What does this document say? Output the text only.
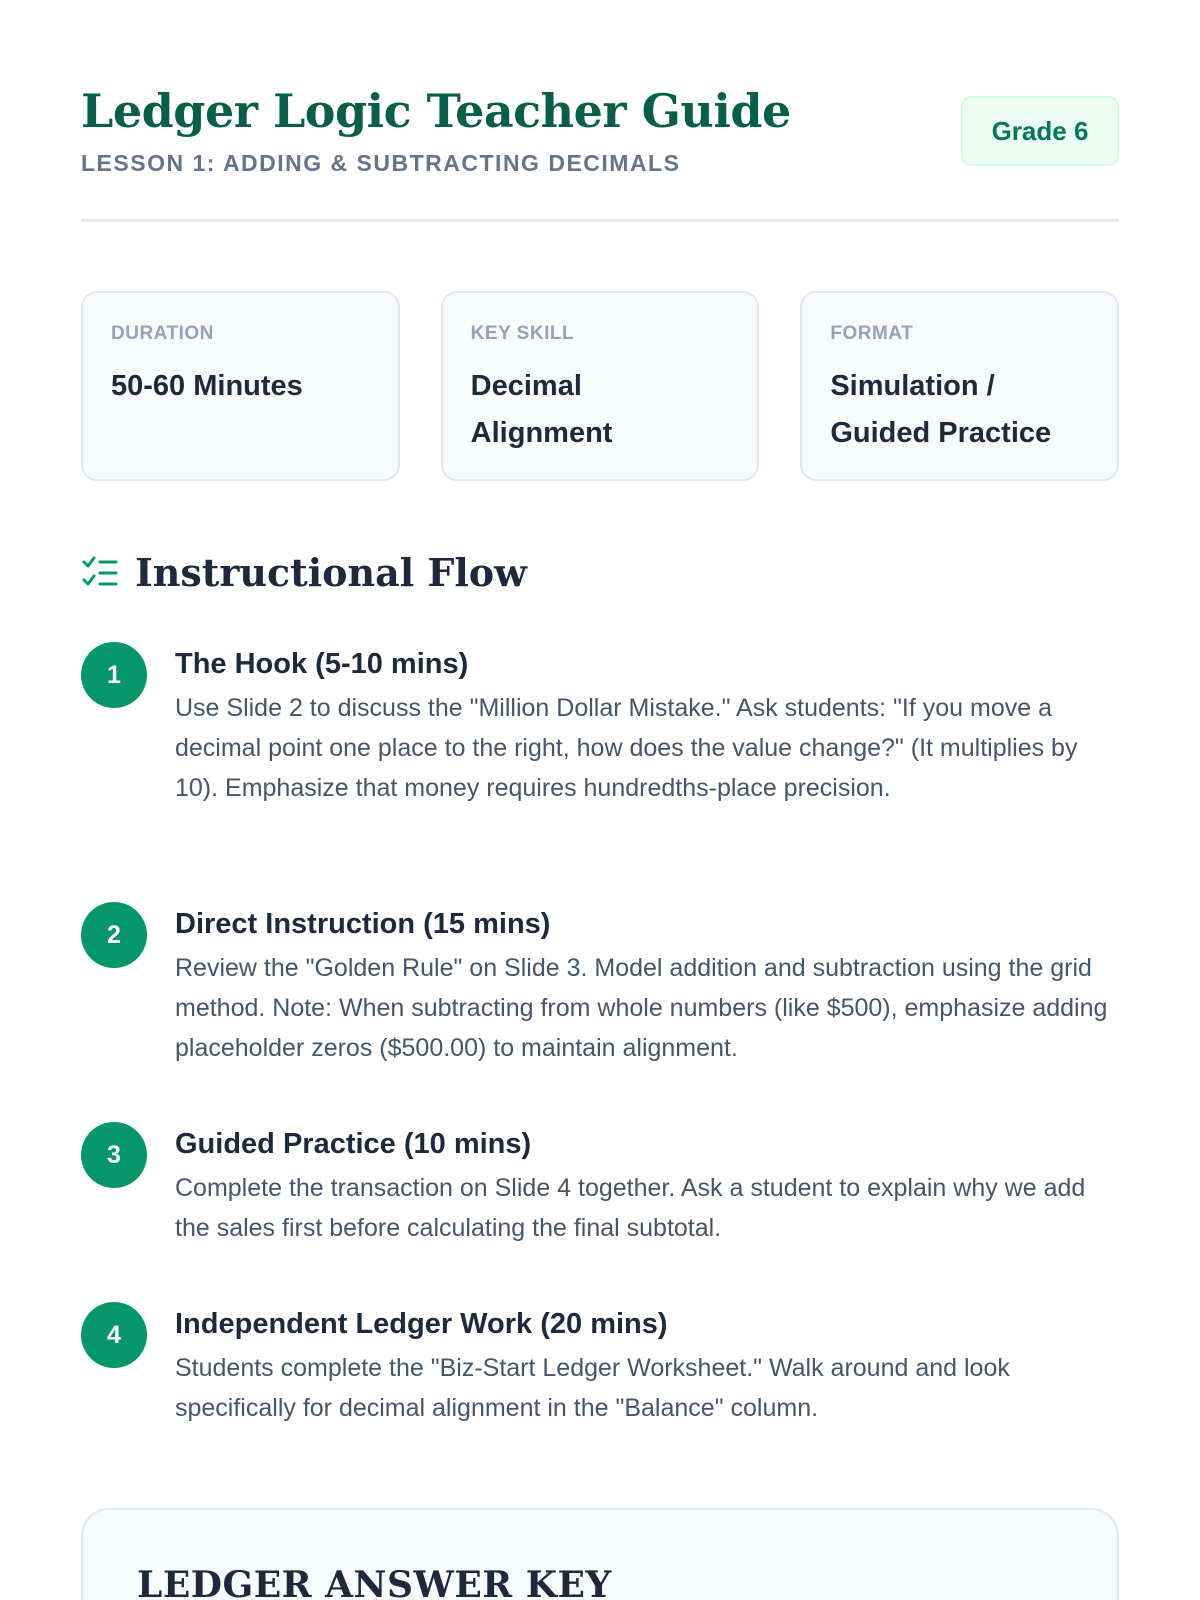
Ledger Logic Teacher Guide
LESSON 1: ADDING & SUBTRACTING DECIMALS
Grade 6
DURATION
50-60 Minutes
KEY SKILL
Decimal Alignment
FORMAT
Simulation / Guided Practice
Instructional Flow
1	The Hook (5-10 mins)

Use Slide 2 to discuss the "Million Dollar Mistake." Ask students: "If you move a decimal point one place to the right, how does the value change?" (It multiplies by 10). Emphasize that money requires hundredths-place precision.

2	Direct Instruction (15 mins)

Review the "Golden Rule" on Slide 3. Model addition and subtraction using the grid method. Note: When subtracting from whole numbers (like $500), emphasize adding placeholder zeros ($500.00) to maintain alignment.

3	Guided Practice (10 mins)

Complete the transaction on Slide 4 together. Ask a student to explain why we add the sales first before calculating the final subtotal.

4	Independent Ledger Work (20 mins)

Students complete the "Biz-Start Ledger Worksheet." Walk around and look specifically for decimal alignment in the "Balance" column.

LEDGER ANSWER KEY
